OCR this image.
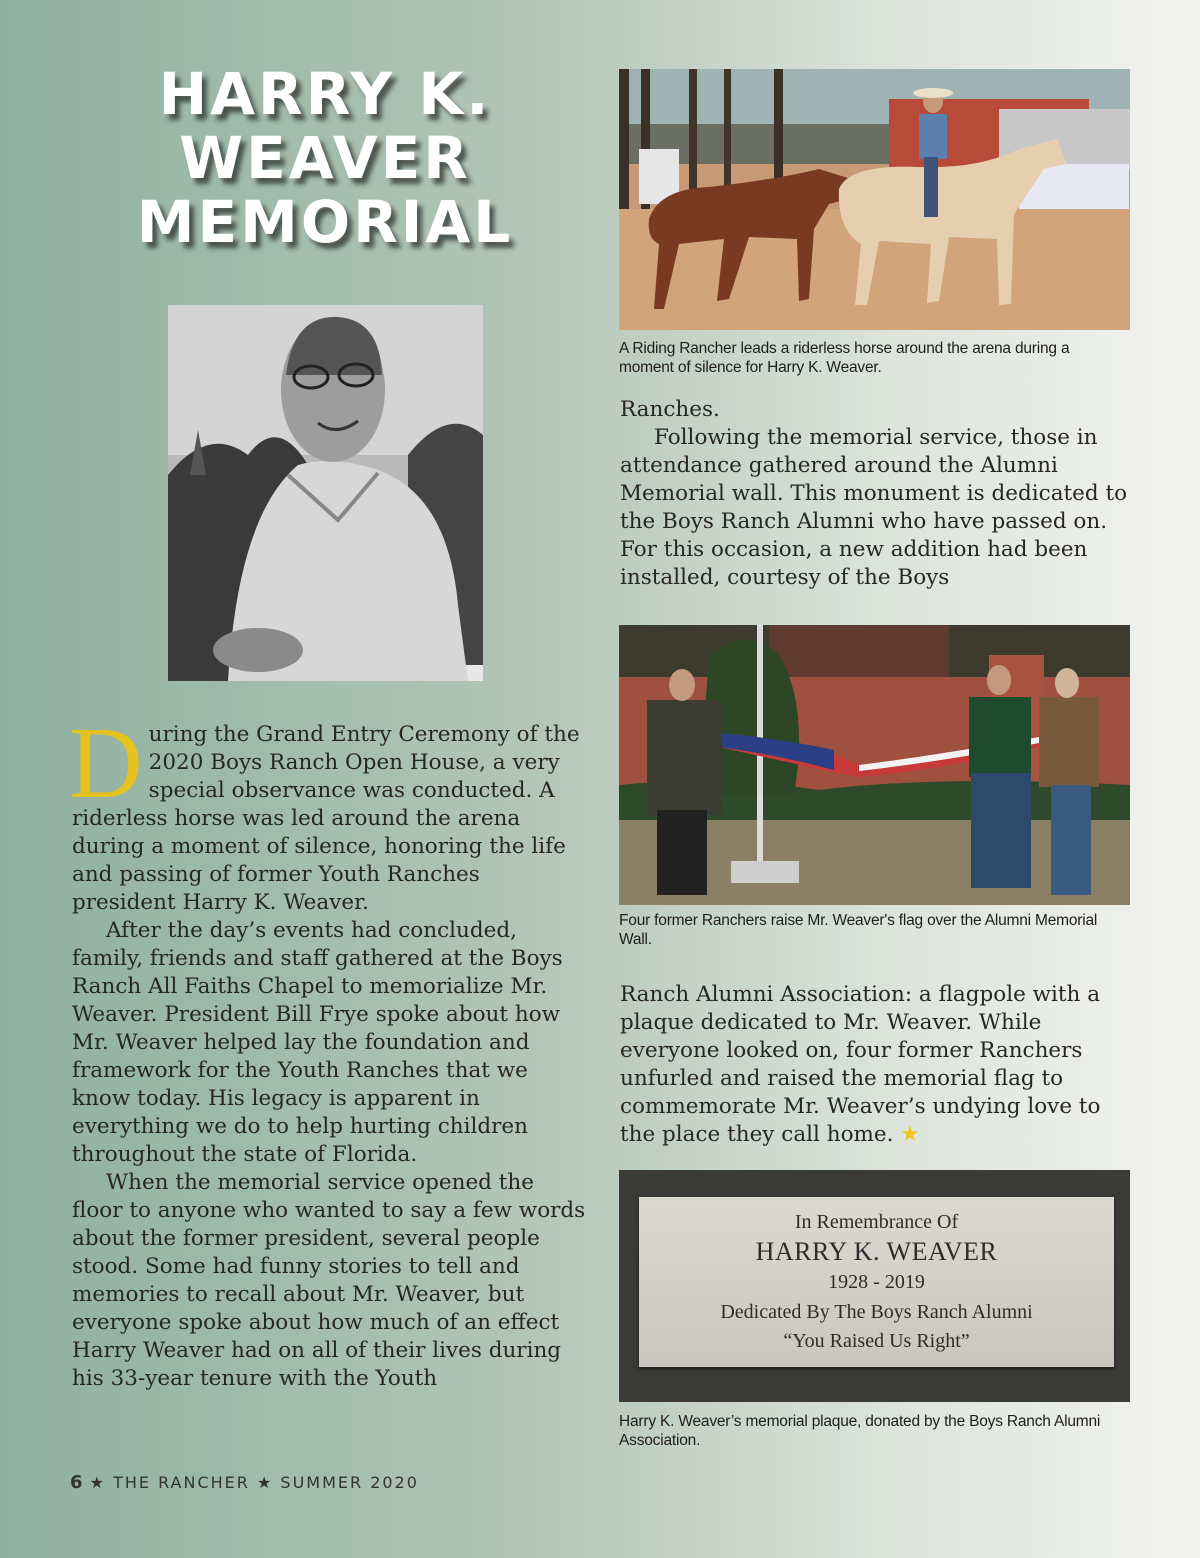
HARRY K.
WEAVER
MEMORIAL
A Riding Rancher leads a riderless horse around the arena during a moment of silence for Harry K. Weaver.
Four former Ranchers raise Mr. Weaver's flag over the Alumni Memorial Wall.
In Remembrance Of
HARRY K. WEAVER
1928 - 2019
Dedicated By The Boys Ranch Alumni
“You Raised Us Right”
Harry K. Weaver’s memorial plaque, donated by the Boys Ranch Alumni Association.
D uring the Grand Entry Ceremony of the 2020 Boys Ranch Open House, a very special observance was conducted. A riderless horse was led around the arena during a moment of silence, honoring the life and passing of former Youth Ranches president Harry K. Weaver.

After the day’s events had concluded, family, friends and staff gathered at the Boys Ranch All Faiths Chapel to memorialize Mr. Weaver. President Bill Frye spoke about how Mr. Weaver helped lay the foundation and framework for the Youth Ranches that we know today. His legacy is apparent in everything we do to help hurting children throughout the state of Florida.

When the memorial service opened the floor to anyone who wanted to say a few words about the former president, several people stood. Some had funny stories to tell and memories to recall about Mr. Weaver, but everyone spoke about how much of an effect Harry Weaver had on all of their lives during his 33-year tenure with the Youth

Ranches.

Following the memorial service, those in attendance gathered around the Alumni Memorial wall. This monument is dedicated to the Boys Ranch Alumni who have passed on. For this occasion, a new addition had been installed, courtesy of the Boys

Ranch Alumni Association: a flagpole with a plaque dedicated to Mr. Weaver. While everyone looked on, four former Ranchers unfurled and raised the memorial flag to commemorate Mr. Weaver’s undying love to the place they call home. ★

6 ★ THE RANCHER ★ SUMMER 2020
